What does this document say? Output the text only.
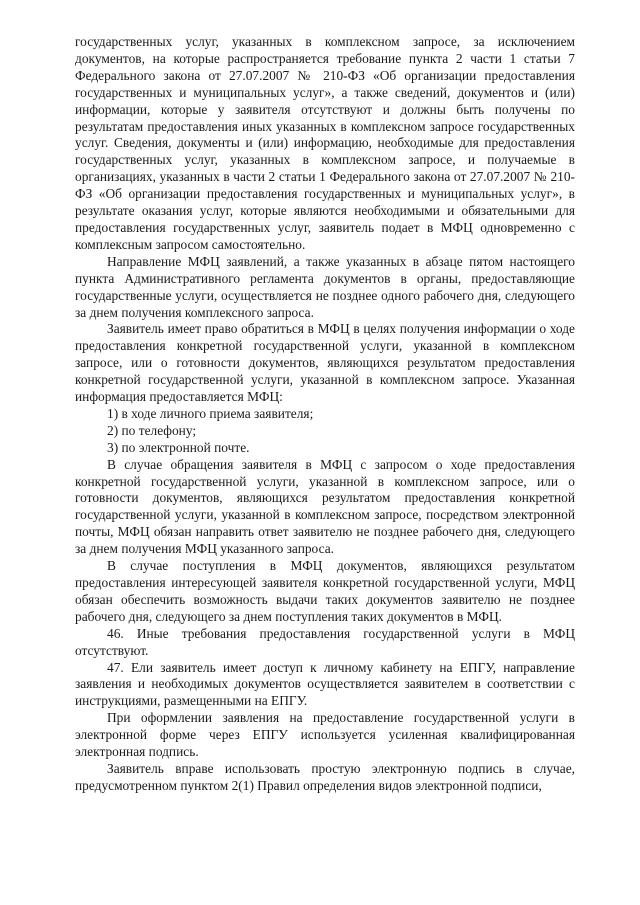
государственных услуг, указанных в комплексном запросе, за исключением документов, на которые распространяется требование пункта 2 части 1 статьи 7 Федерального закона от 27.07.2007 № 210-ФЗ «Об организации предоставления государственных и муниципальных услуг», а также сведений, документов и (или) информации, которые у заявителя отсутствуют и должны быть получены по результатам предоставления иных указанных в комплексном запросе государственных услуг. Сведения, документы и (или) информацию, необходимые для предоставления государственных услуг, указанных в комплексном запросе, и получаемые в организациях, указанных в части 2 статьи 1 Федерального закона от 27.07.2007 № 210-ФЗ «Об организации предоставления государственных и муниципальных услуг», в результате оказания услуг, которые являются необходимыми и обязательными для предоставления государственных услуг, заявитель подает в МФЦ одновременно с комплексным запросом самостоятельно.

Направление МФЦ заявлений, а также указанных в абзаце пятом настоящего пункта Административного регламента документов в органы, предоставляющие государственные услуги, осуществляется не позднее одного рабочего дня, следующего за днем получения комплексного запроса.

Заявитель имеет право обратиться в МФЦ в целях получения информации о ходе предоставления конкретной государственной услуги, указанной в комплексном запросе, или о готовности документов, являющихся результатом предоставления конкретной государственной услуги, указанной в комплексном запросе. Указанная информация предоставляется МФЦ:

1) в ходе личного приема заявителя;

2) по телефону;

3) по электронной почте.

В случае обращения заявителя в МФЦ с запросом о ходе предоставления конкретной государственной услуги, указанной в комплексном запросе, или о готовности документов, являющихся результатом предоставления конкретной государственной услуги, указанной в комплексном запросе, посредством электронной почты, МФЦ обязан направить ответ заявителю не позднее рабочего дня, следующего за днем получения МФЦ указанного запроса.

В случае поступления в МФЦ документов, являющихся результатом предоставления интересующей заявителя конкретной государственной услуги, МФЦ обязан обеспечить возможность выдачи таких документов заявителю не позднее рабочего дня, следующего за днем поступления таких документов в МФЦ.

46. Иные требования предоставления государственной услуги в МФЦ отсутствуют.

47. Ели заявитель имеет доступ к личному кабинету на ЕПГУ, направление заявления и необходимых документов осуществляется заявителем в соответствии с инструкциями, размещенными на ЕПГУ.

При оформлении заявления на предоставление государственной услуги в электронной форме через ЕПГУ используется усиленная квалифицированная электронная подпись.

Заявитель вправе использовать простую электронную подпись в случае, предусмотренном пунктом 2(1) Правил определения видов электронной подписи,
